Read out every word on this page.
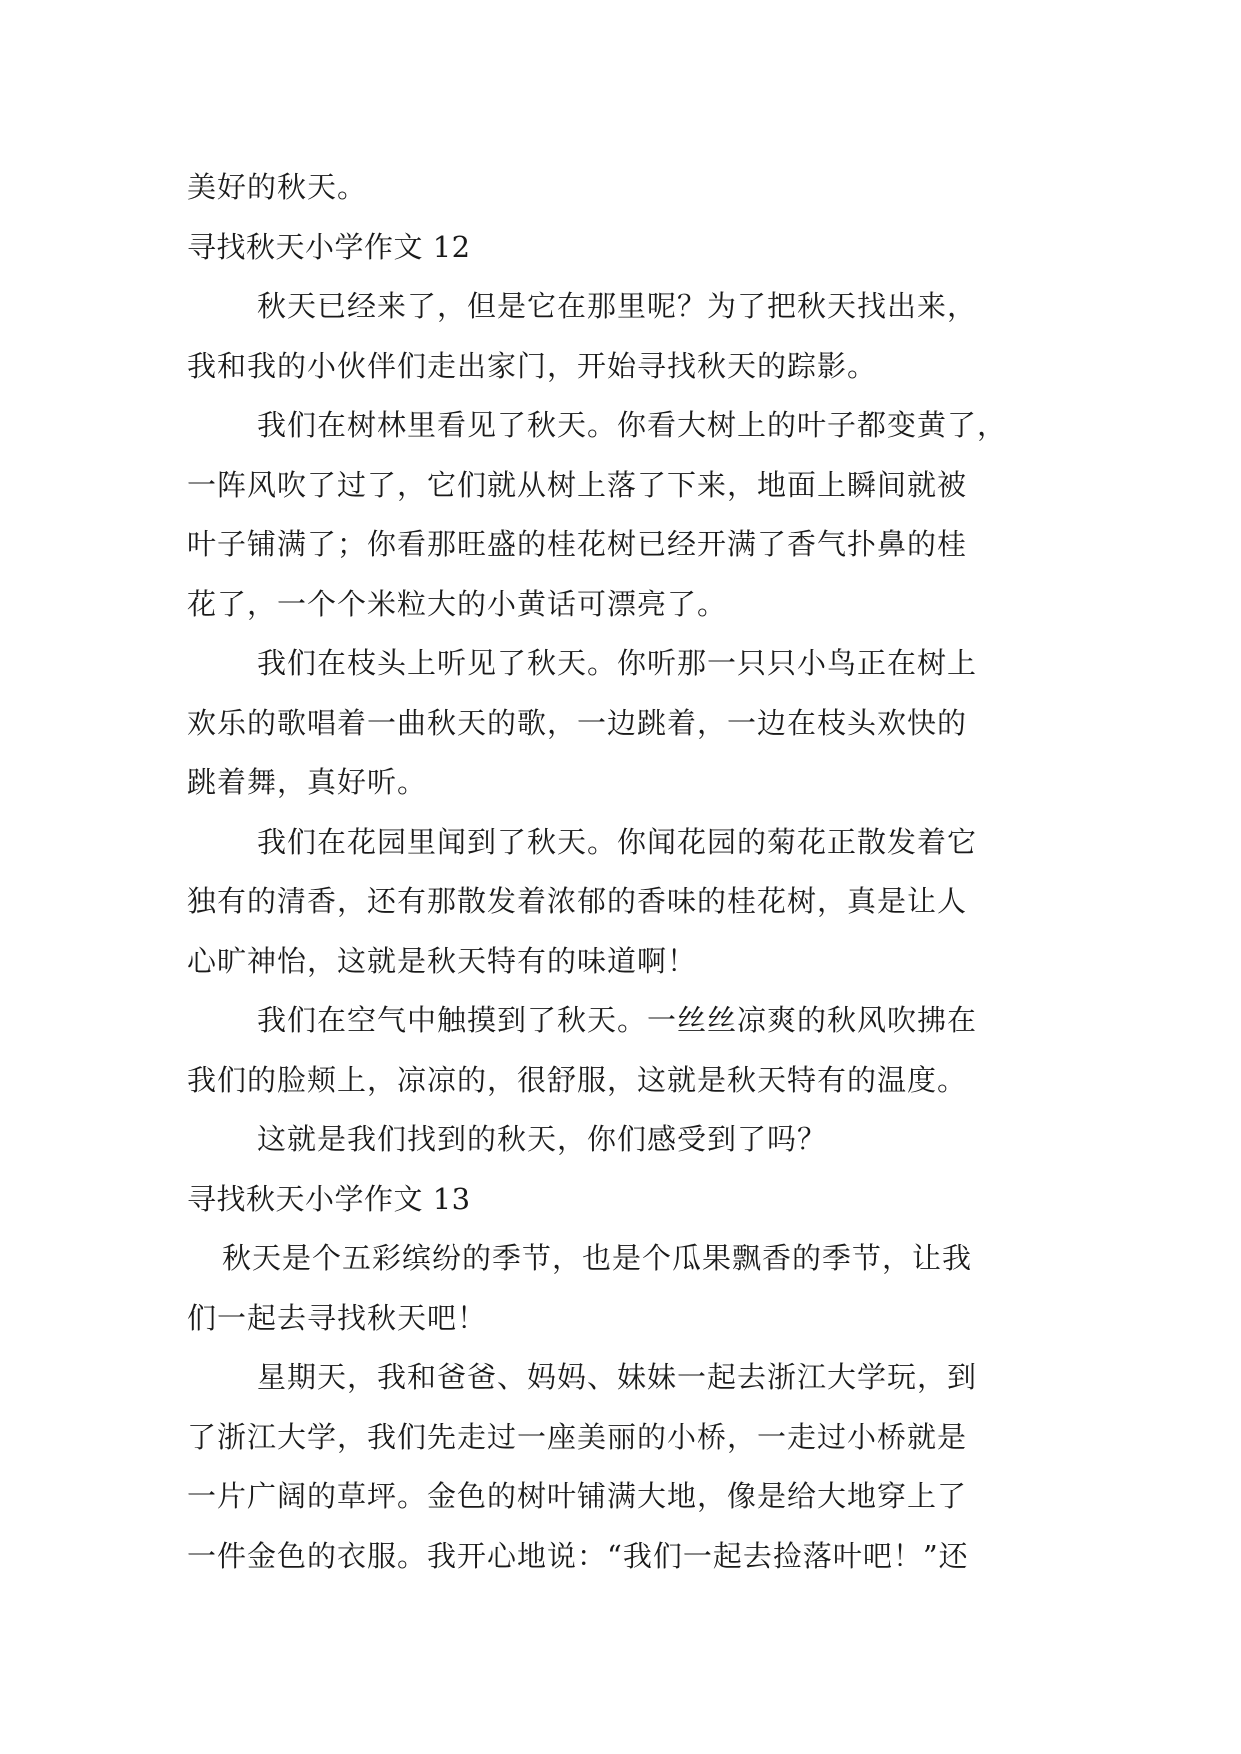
美好的秋天。
寻找秋天小学作文 12
秋天已经来了，但是它在那里呢？为了把秋天找出来，
我和我的小伙伴们走出家门，开始寻找秋天的踪影。
我们在树林里看见了秋天。你看大树上的叶子都变黄了，
一阵风吹了过了，它们就从树上落了下来，地面上瞬间就被
叶子铺满了；你看那旺盛的桂花树已经开满了香气扑鼻的桂
花了，一个个米粒大的小黄话可漂亮了。
我们在枝头上听见了秋天。你听那一只只小鸟正在树上
欢乐的歌唱着一曲秋天的歌，一边跳着，一边在枝头欢快的
跳着舞，真好听。
我们在花园里闻到了秋天。你闻花园的菊花正散发着它
独有的清香，还有那散发着浓郁的香味的桂花树，真是让人
心旷神怡，这就是秋天特有的味道啊！
我们在空气中触摸到了秋天。一丝丝凉爽的秋风吹拂在
我们的脸颊上，凉凉的，很舒服，这就是秋天特有的温度。
这就是我们找到的秋天，你们感受到了吗？
寻找秋天小学作文 13
秋天是个五彩缤纷的季节，也是个瓜果飘香的季节，让我
们一起去寻找秋天吧！
星期天，我和爸爸、妈妈、妹妹一起去浙江大学玩，到
了浙江大学，我们先走过一座美丽的小桥，一走过小桥就是
一片广阔的草坪。金色的树叶铺满大地，像是给大地穿上了
一件金色的衣服。我开心地说：“我们一起去捡落叶吧！”还
